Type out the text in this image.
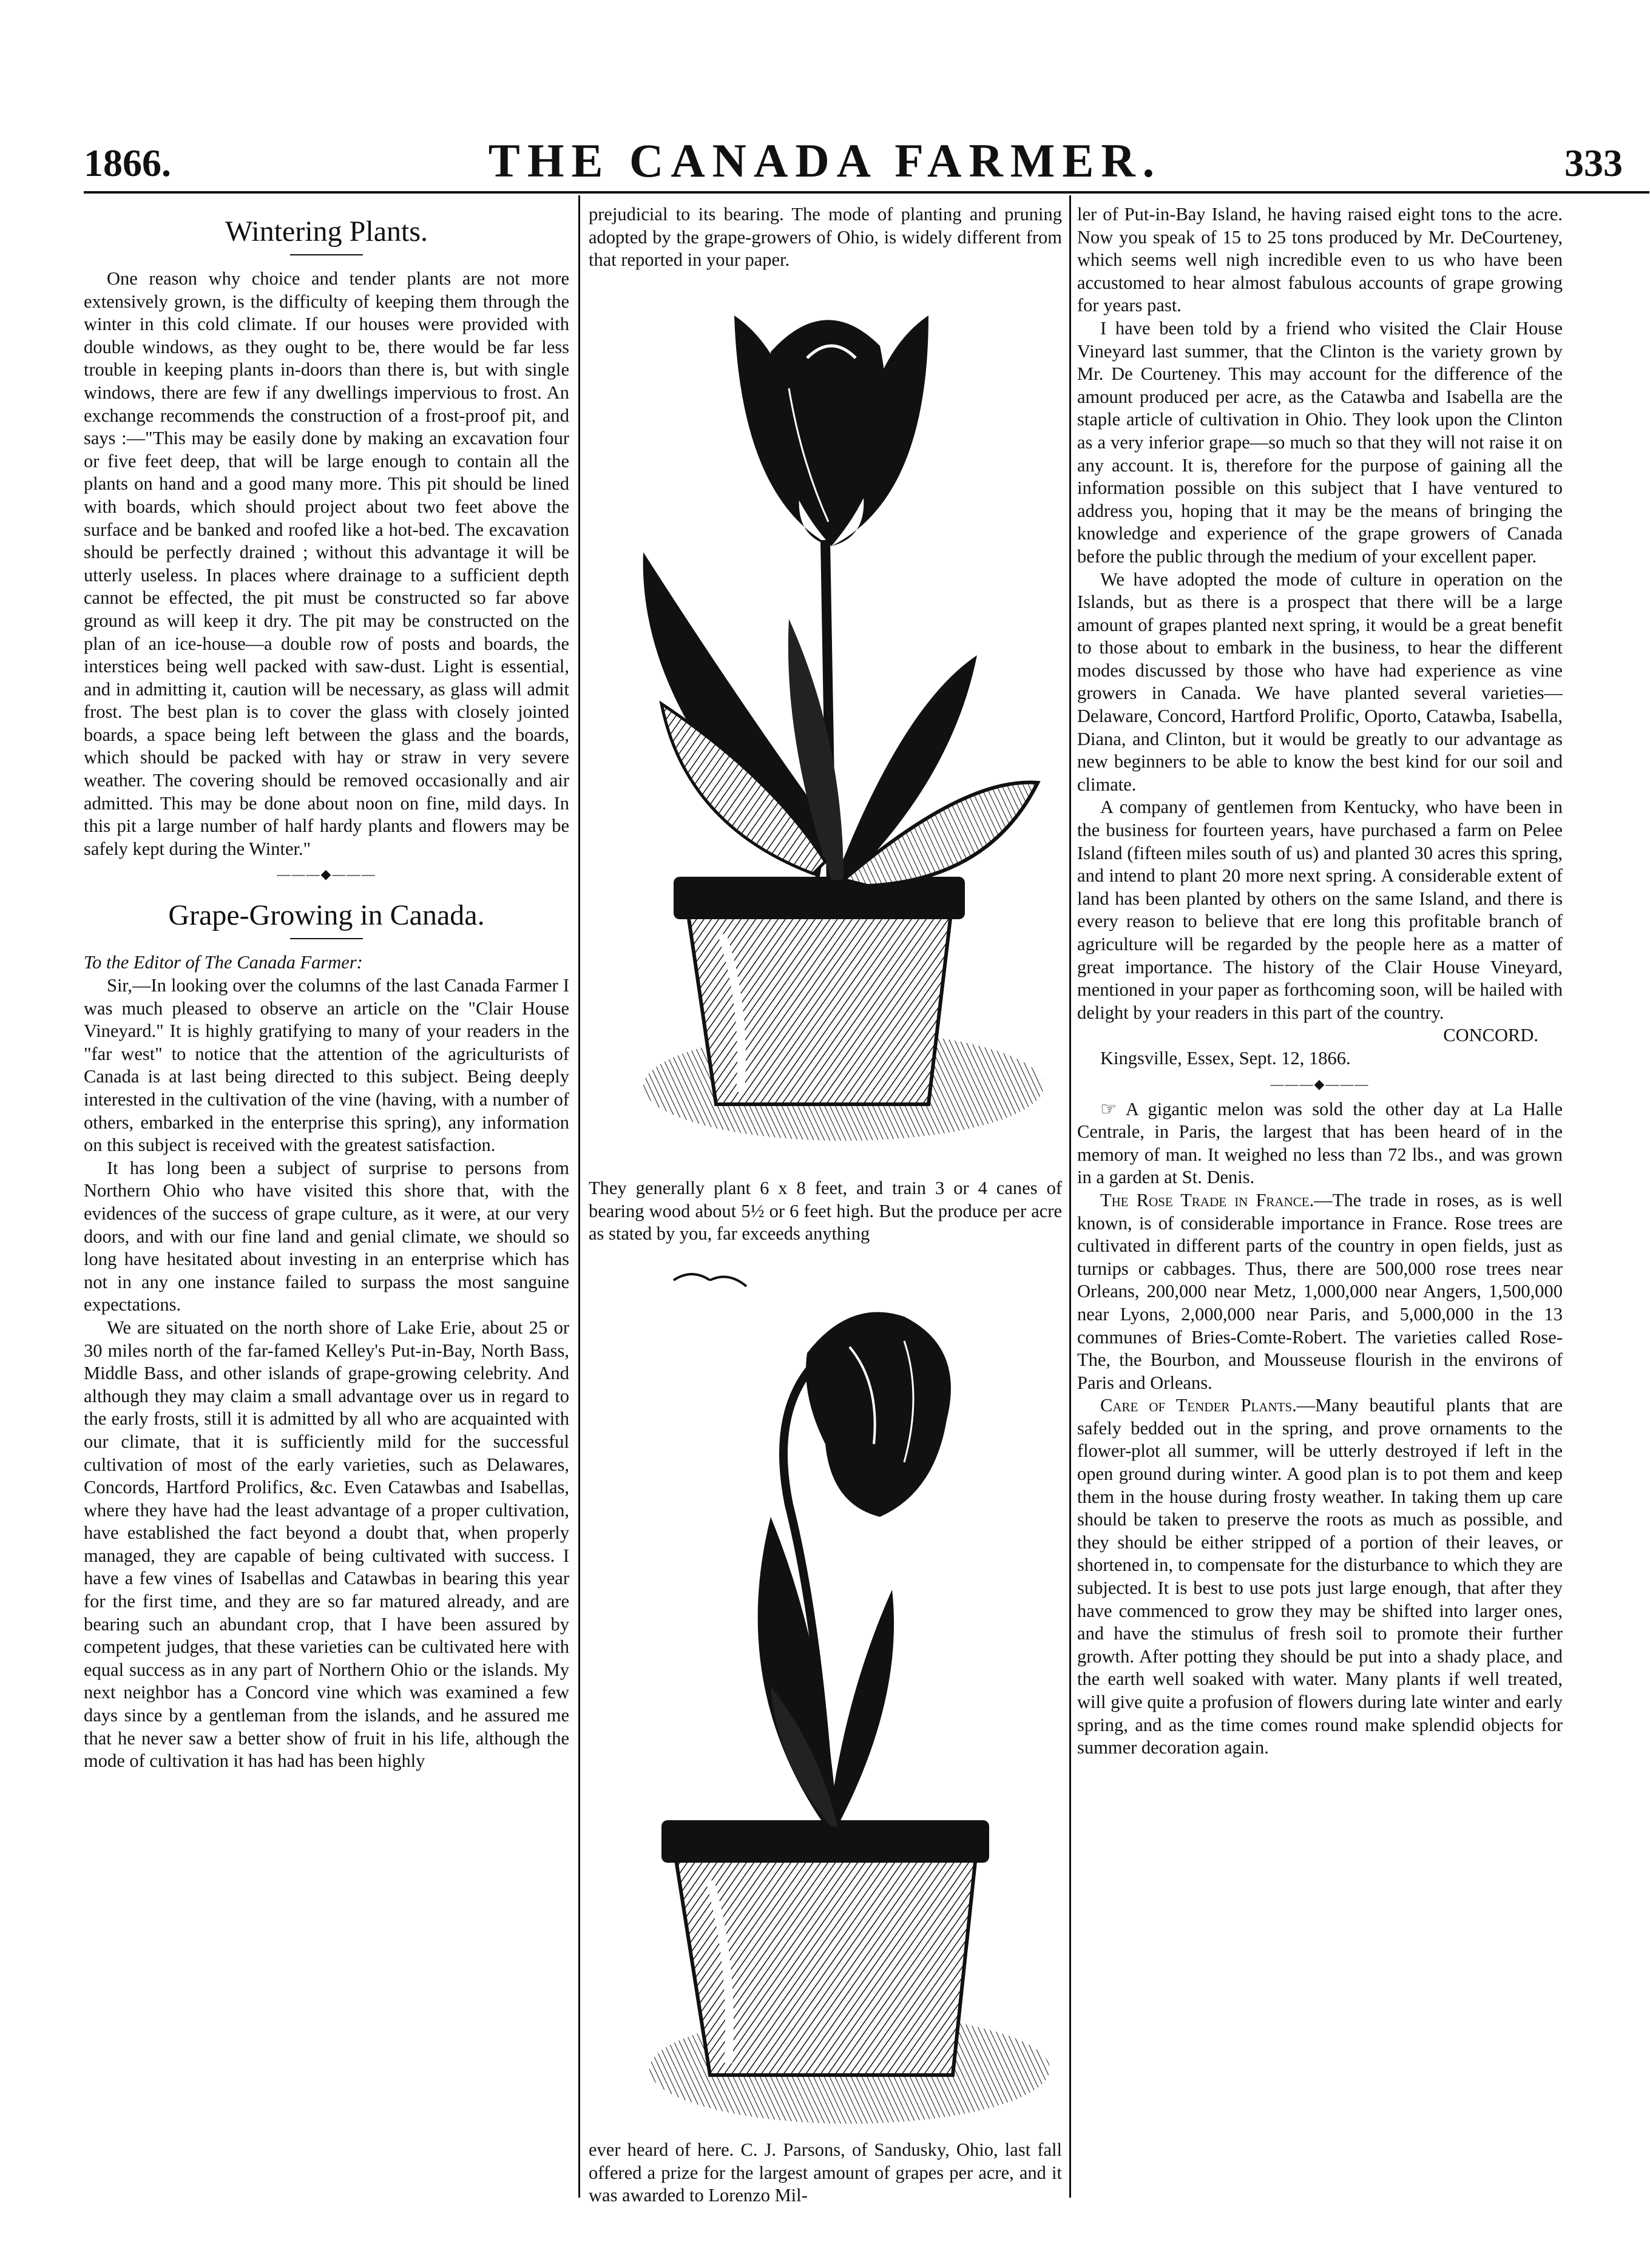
1866.	THE CANADA FARMER.	333
Wintering Plants.

One reason why choice and tender plants are not more extensively grown, is the difficulty of keeping them through the winter in this cold climate. If our houses were provided with double windows, as they ought to be, there would be far less trouble in keeping plants in-doors than there is, but with single windows, there are few if any dwellings impervious to frost. An exchange recommends the construction of a frost-proof pit, and says :—"This may be easily done by making an excavation four or five feet deep, that will be large enough to contain all the plants on hand and a good many more. This pit should be lined with boards, which should project about two feet above the surface and be banked and roofed like a hot-bed. The excavation should be perfectly drained ; without this advantage it will be utterly useless. In places where drainage to a sufficient depth cannot be effected, the pit must be constructed so far above ground as will keep it dry. The pit may be constructed on the plan of an ice-house—a double row of posts and boards, the interstices being well packed with saw-dust. Light is essential, and in admitting it, caution will be necessary, as glass will admit frost. The best plan is to cover the glass with closely jointed boards, a space being left between the glass and the boards, which should be packed with hay or straw in very severe weather. The covering should be removed occasionally and air admitted. This may be done about noon on fine, mild days. In this pit a large number of half hardy plants and flowers may be safely kept during the Winter."

———◆———
Grape-Growing in Canada.

To the Editor of The Canada Farmer:

Sir,—In looking over the columns of the last Canada Farmer I was much pleased to observe an article on the "Clair House Vineyard." It is highly gratifying to many of your readers in the "far west" to notice that the attention of the agriculturists of Canada is at last being directed to this subject. Being deeply interested in the cultivation of the vine (having, with a number of others, embarked in the enterprise this spring), any information on this subject is received with the greatest satisfaction.

It has long been a subject of surprise to persons from Northern Ohio who have visited this shore that, with the evidences of the success of grape culture, as it were, at our very doors, and with our fine land and genial climate, we should so long have hesitated about investing in an enterprise which has not in any one instance failed to surpass the most sanguine expectations.

We are situated on the north shore of Lake Erie, about 25 or 30 miles north of the far-famed Kelley's Put-in-Bay, North Bass, Middle Bass, and other islands of grape-growing celebrity. And although they may claim a small advantage over us in regard to the early frosts, still it is admitted by all who are acquainted with our climate, that it is sufficiently mild for the successful cultivation of most of the early varieties, such as Delawares, Concords, Hartford Prolifics, &c. Even Catawbas and Isabellas, where they have had the least advantage of a proper cultivation, have established the fact beyond a doubt that, when properly managed, they are capable of being cultivated with success. I have a few vines of Isabellas and Catawbas in bearing this year for the first time, and they are so far matured already, and are bearing such an abundant crop, that I have been assured by competent judges, that these varieties can be cultivated here with equal success as in any part of Northern Ohio or the islands. My next neighbor has a Concord vine which was examined a few days since by a gentleman from the islands, and he assured me that he never saw a better show of fruit in his life, although the mode of cultivation it has had has been highly

prejudicial to its bearing. The mode of planting and pruning adopted by the grape-growers of Ohio, is widely different from that reported in your paper.

They generally plant 6 x 8 feet, and train 3 or 4 canes of bearing wood about 5½ or 6 feet high. But the produce per acre as stated by you, far exceeds anything

ever heard of here. C. J. Parsons, of Sandusky, Ohio, last fall offered a prize for the largest amount of grapes per acre, and it was awarded to Lorenzo Mil-

ler of Put-in-Bay Island, he having raised eight tons to the acre. Now you speak of 15 to 25 tons produced by Mr. DeCourteney, which seems well nigh incredible even to us who have been accustomed to hear almost fabulous accounts of grape growing for years past.

I have been told by a friend who visited the Clair House Vineyard last summer, that the Clinton is the variety grown by Mr. De Courteney. This may account for the difference of the amount produced per acre, as the Catawba and Isabella are the staple article of cultivation in Ohio. They look upon the Clinton as a very inferior grape—so much so that they will not raise it on any account. It is, therefore for the purpose of gaining all the information possible on this subject that I have ventured to address you, hoping that it may be the means of bringing the knowledge and experience of the grape growers of Canada before the public through the medium of your excellent paper.

We have adopted the mode of culture in operation on the Islands, but as there is a prospect that there will be a large amount of grapes planted next spring, it would be a great benefit to those about to embark in the business, to hear the different modes discussed by those who have had experience as vine growers in Canada. We have planted several varieties—Delaware, Concord, Hartford Prolific, Oporto, Catawba, Isabella, Diana, and Clinton, but it would be greatly to our advantage as new beginners to be able to know the best kind for our soil and climate.

A company of gentlemen from Kentucky, who have been in the business for fourteen years, have purchased a farm on Pelee Island (fifteen miles south of us) and planted 30 acres this spring, and intend to plant 20 more next spring. A considerable extent of land has been planted by others on the same Island, and there is every reason to believe that ere long this profitable branch of agriculture will be regarded by the people here as a matter of great importance. The history of the Clair House Vineyard, mentioned in your paper as forthcoming soon, will be hailed with delight by your readers in this part of the country.

CONCORD.

Kingsville, Essex, Sept. 12, 1866.

———◆———

☞ A gigantic melon was sold the other day at La Halle Centrale, in Paris, the largest that has been heard of in the memory of man. It weighed no less than 72 lbs., and was grown in a garden at St. Denis.

The Rose Trade in France.—The trade in roses, as is well known, is of considerable importance in France. Rose trees are cultivated in different parts of the country in open fields, just as turnips or cabbages. Thus, there are 500,000 rose trees near Orleans, 200,000 near Metz, 1,000,000 near Angers, 1,500,000 near Lyons, 2,000,000 near Paris, and 5,000,000 in the 13 communes of Bries-Comte-Robert. The varieties called Rose-The, the Bourbon, and Mousseuse flourish in the environs of Paris and Orleans.

Care of Tender Plants.—Many beautiful plants that are safely bedded out in the spring, and prove ornaments to the flower-plot all summer, will be utterly destroyed if left in the open ground during winter. A good plan is to pot them and keep them in the house during frosty weather. In taking them up care should be taken to preserve the roots as much as possible, and they should be either stripped of a portion of their leaves, or shortened in, to compensate for the disturbance to which they are subjected. It is best to use pots just large enough, that after they have commenced to grow they may be shifted into larger ones, and have the stimulus of fresh soil to promote their further growth. After potting they should be put into a shady place, and the earth well soaked with water. Many plants if well treated, will give quite a profusion of flowers during late winter and early spring, and as the time comes round make splendid objects for summer decoration again.
